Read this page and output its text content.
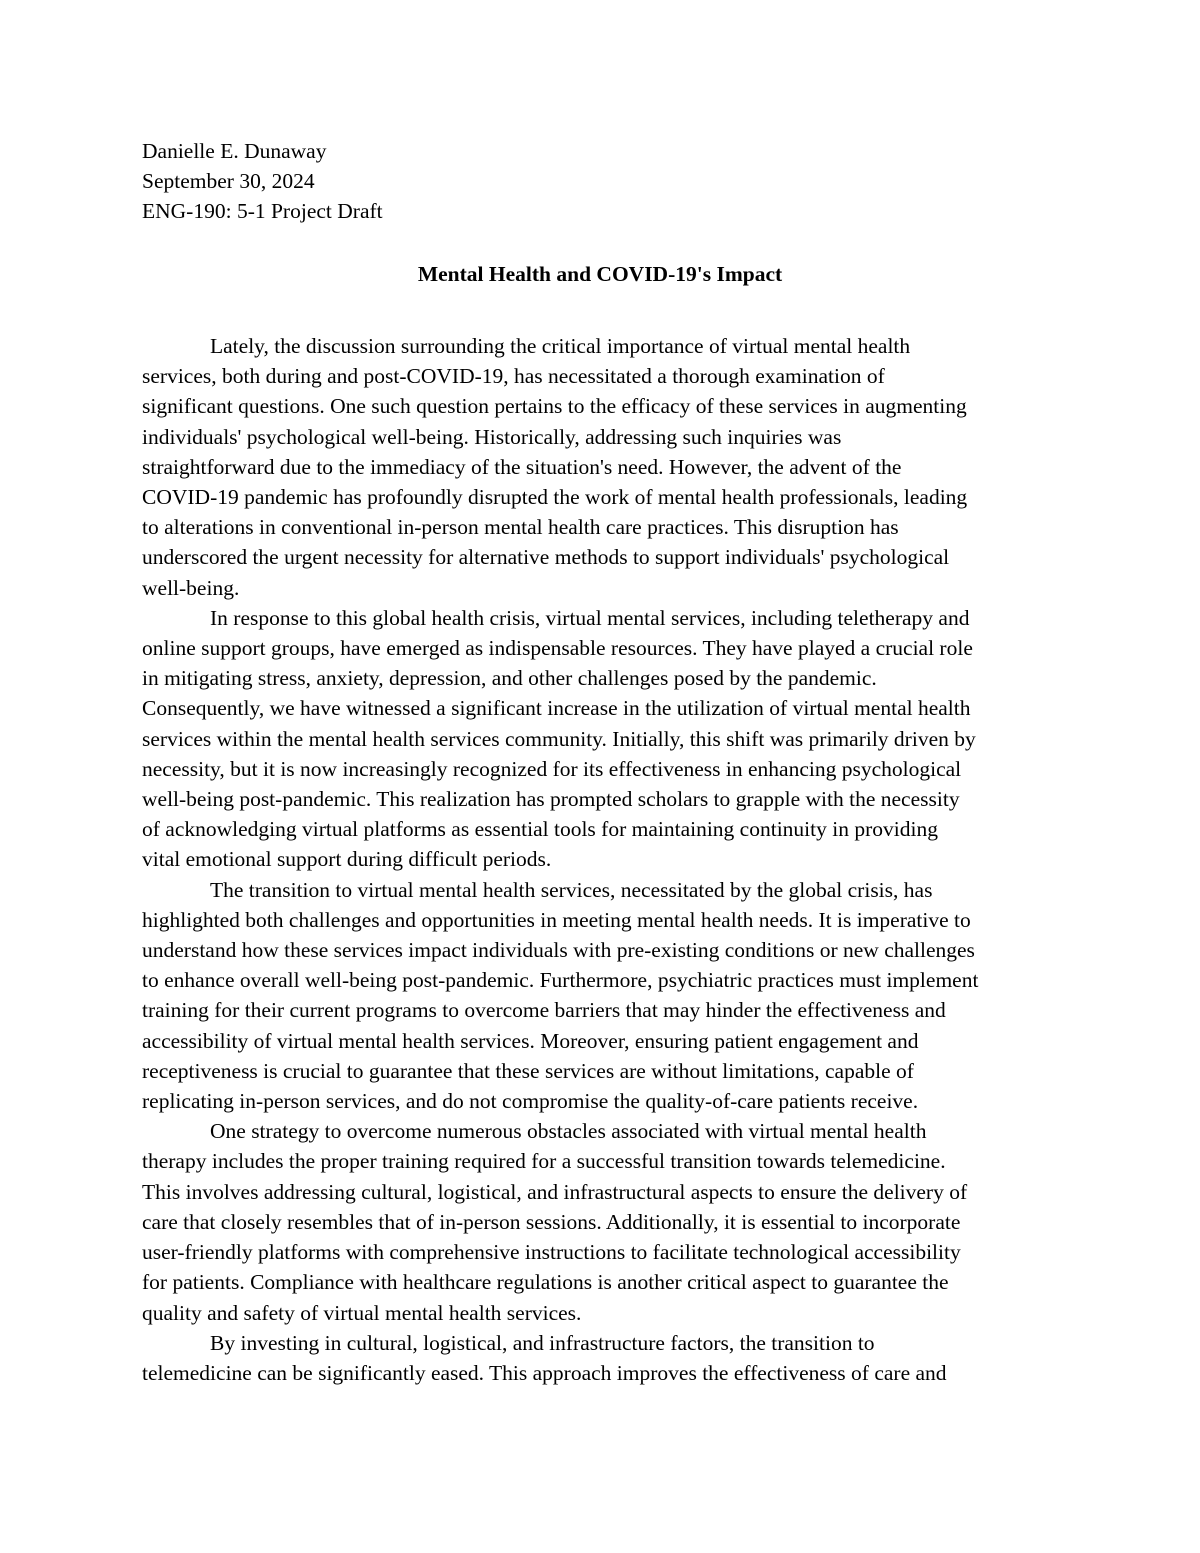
Danielle E. Dunaway
September 30, 2024
ENG-190: 5-1 Project Draft
Mental Health and COVID-19's Impact
Lately, the discussion surrounding the critical importance of virtual mental health
services, both during and post-COVID-19, has necessitated a thorough examination of
significant questions. One such question pertains to the efficacy of these services in augmenting
individuals' psychological well-being. Historically, addressing such inquiries was
straightforward due to the immediacy of the situation's need. However, the advent of the
COVID-19 pandemic has profoundly disrupted the work of mental health professionals, leading
to alterations in conventional in-person mental health care practices. This disruption has
underscored the urgent necessity for alternative methods to support individuals' psychological
well-being.
In response to this global health crisis, virtual mental services, including teletherapy and
online support groups, have emerged as indispensable resources. They have played a crucial role
in mitigating stress, anxiety, depression, and other challenges posed by the pandemic.
Consequently, we have witnessed a significant increase in the utilization of virtual mental health
services within the mental health services community. Initially, this shift was primarily driven by
necessity, but it is now increasingly recognized for its effectiveness in enhancing psychological
well-being post-pandemic. This realization has prompted scholars to grapple with the necessity
of acknowledging virtual platforms as essential tools for maintaining continuity in providing
vital emotional support during difficult periods.
The transition to virtual mental health services, necessitated by the global crisis, has
highlighted both challenges and opportunities in meeting mental health needs. It is imperative to
understand how these services impact individuals with pre-existing conditions or new challenges
to enhance overall well-being post-pandemic. Furthermore, psychiatric practices must implement
training for their current programs to overcome barriers that may hinder the effectiveness and
accessibility of virtual mental health services. Moreover, ensuring patient engagement and
receptiveness is crucial to guarantee that these services are without limitations, capable of
replicating in-person services, and do not compromise the quality-of-care patients receive.
One strategy to overcome numerous obstacles associated with virtual mental health
therapy includes the proper training required for a successful transition towards telemedicine.
This involves addressing cultural, logistical, and infrastructural aspects to ensure the delivery of
care that closely resembles that of in-person sessions. Additionally, it is essential to incorporate
user-friendly platforms with comprehensive instructions to facilitate technological accessibility
for patients. Compliance with healthcare regulations is another critical aspect to guarantee the
quality and safety of virtual mental health services.
By investing in cultural, logistical, and infrastructure factors, the transition to
telemedicine can be significantly eased. This approach improves the effectiveness of care and
